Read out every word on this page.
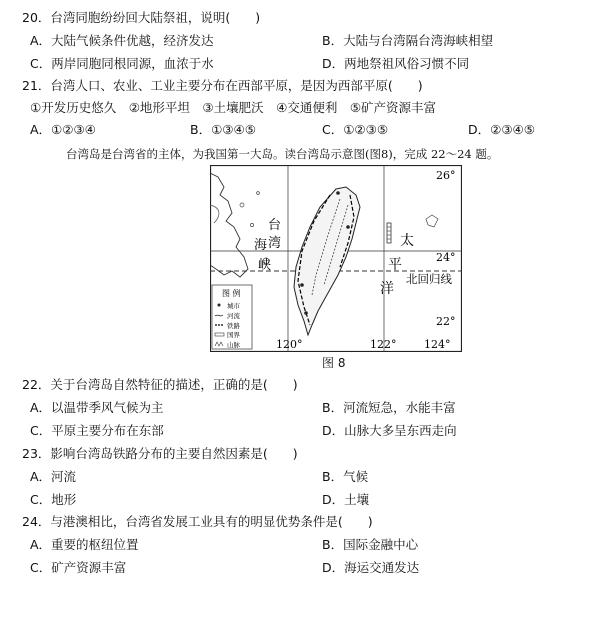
20．台湾同胞纷纷回大陆祭祖，说明(　　)
A．大陆气候条件优越，经济发达	B．大陆与台湾隔台湾海峡相望
C．两岸同胞同根同源，血浓于水	D．两地祭祖风俗习惯不同
21．台湾人口、农业、工业主要分布在西部平原，是因为西部平原(　　)
①开发历史悠久　②地形平坦　③土壤肥沃　④交通便利　⑤矿产资源丰富
A．①②③④	B．①③④⑤	C．①②③⑤	D．②③④⑤
台湾岛是台湾省的主体，为我国第一大岛。读台湾岛示意图(图8)，完成 22～24 题。
台
湾
海
峡
太
平
洋
北回归线
26°
24°
22°
120°	122°	124°
图 例
城市
河流
铁路
国界
山脉
图 8
22．关于台湾岛自然特征的描述，正确的是(　　)
A．以温带季风气候为主	B．河流短急，水能丰富
C．平原主要分布在东部	D．山脉大多呈东西走向
23．影响台湾岛铁路分布的主要自然因素是(　　)
A．河流	B．气候
C．地形	D．土壤
24．与港澳相比，台湾省发展工业具有的明显优势条件是(　　)
A．重要的枢纽位置	B．国际金融中心
C．矿产资源丰富	D．海运交通发达
